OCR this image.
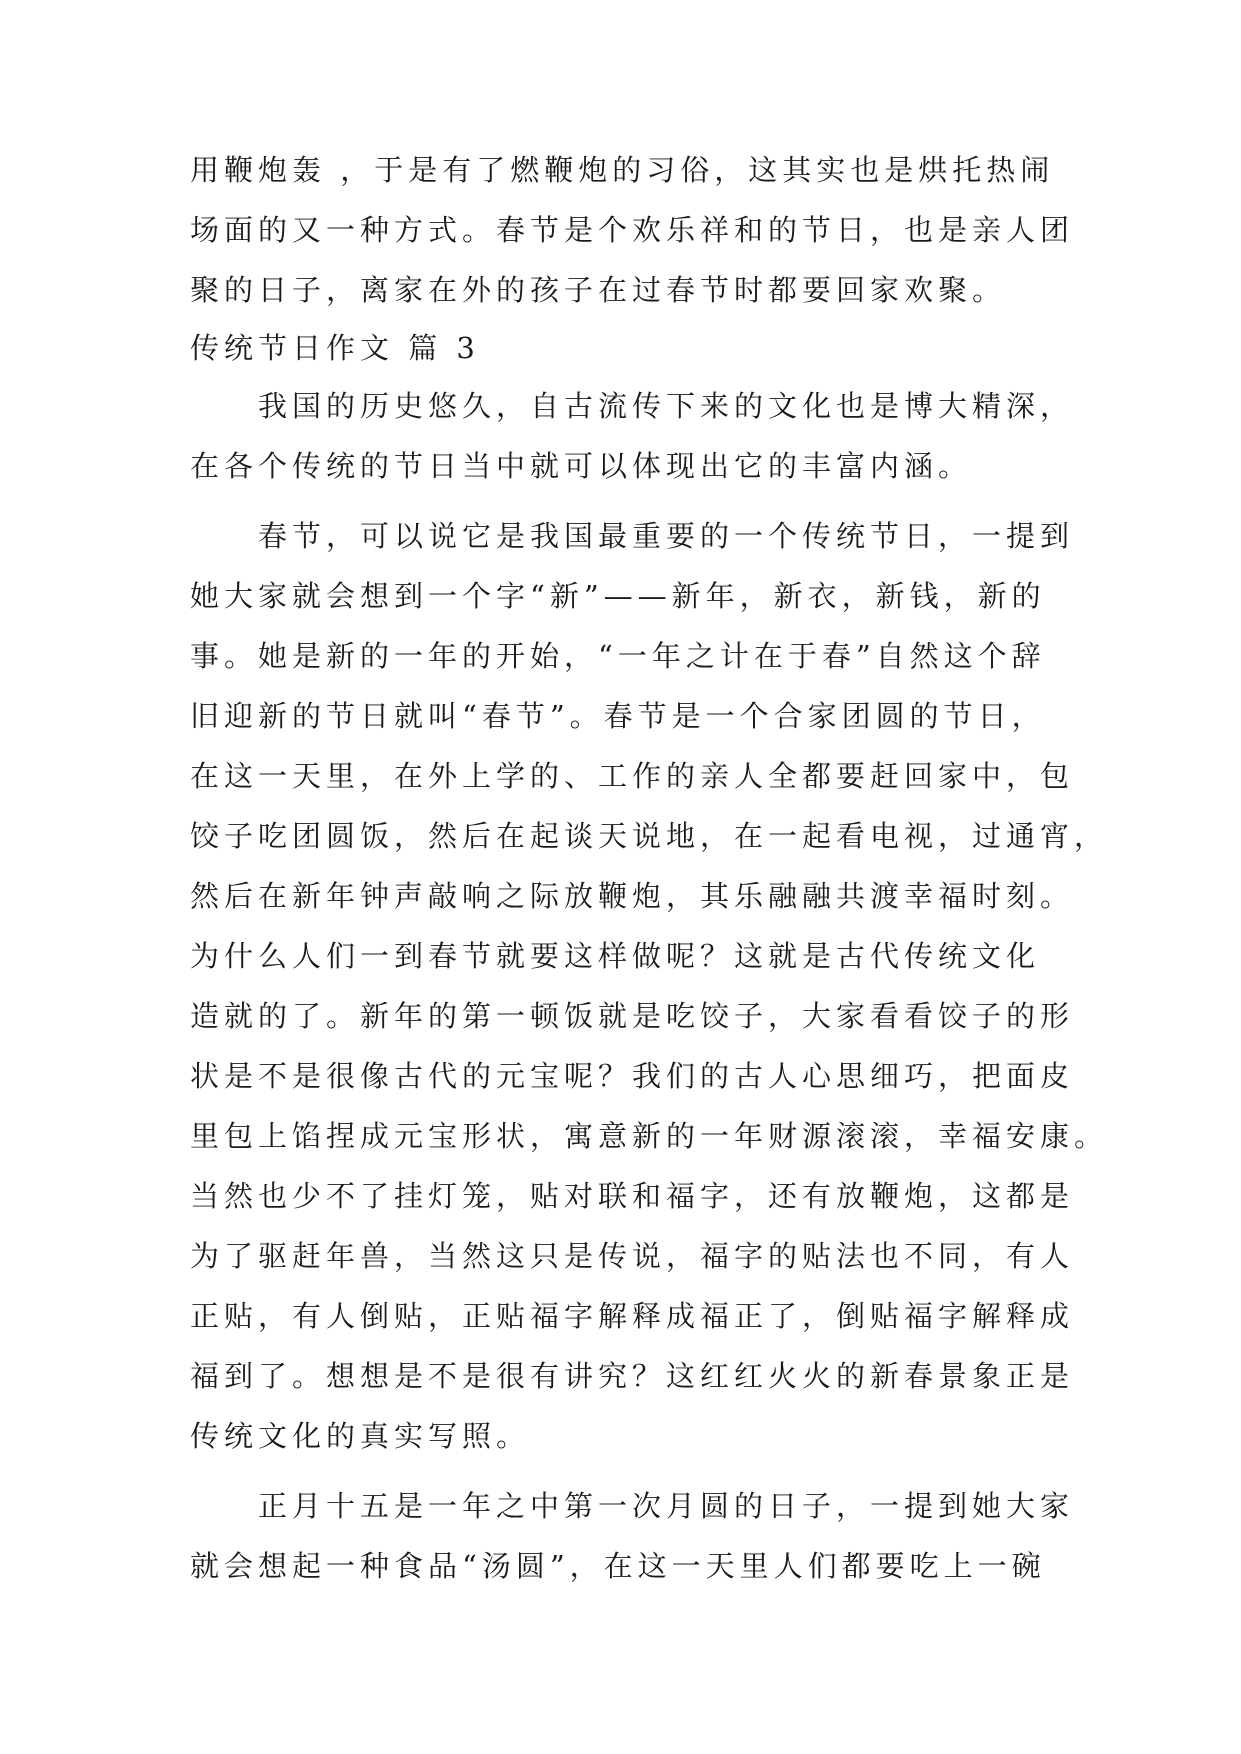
用鞭炮轰 ，于是有了燃鞭炮的习俗，这其实也是烘托热闹
场面的又一种方式。春节是个欢乐祥和的节日，也是亲人团
聚的日子，离家在外的孩子在过春节时都要回家欢聚。
传统节日作文 篇 3
我国的历史悠久，自古流传下来的文化也是博大精深，
在各个传统的节日当中就可以体现出它的丰富内涵。
春节，可以说它是我国最重要的一个传统节日，一提到
她大家就会想到一个字“新”——新年，新衣，新钱，新的
事。她是新的一年的开始，“一年之计在于春”自然这个辞
旧迎新的节日就叫“春节”。春节是一个合家团圆的节日，
在这一天里，在外上学的、工作的亲人全都要赶回家中，包
饺子吃团圆饭，然后在起谈天说地，在一起看电视，过通宵，
然后在新年钟声敲响之际放鞭炮，其乐融融共渡幸福时刻。
为什么人们一到春节就要这样做呢？这就是古代传统文化
造就的了。新年的第一顿饭就是吃饺子，大家看看饺子的形
状是不是很像古代的元宝呢？我们的古人心思细巧，把面皮
里包上馅捏成元宝形状，寓意新的一年财源滚滚，幸福安康。
当然也少不了挂灯笼，贴对联和福字，还有放鞭炮，这都是
为了驱赶年兽，当然这只是传说，福字的贴法也不同，有人
正贴，有人倒贴，正贴福字解释成福正了，倒贴福字解释成
福到了。想想是不是很有讲究？这红红火火的新春景象正是
传统文化的真实写照。
正月十五是一年之中第一次月圆的日子，一提到她大家
就会想起一种食品“汤圆”，在这一天里人们都要吃上一碗
